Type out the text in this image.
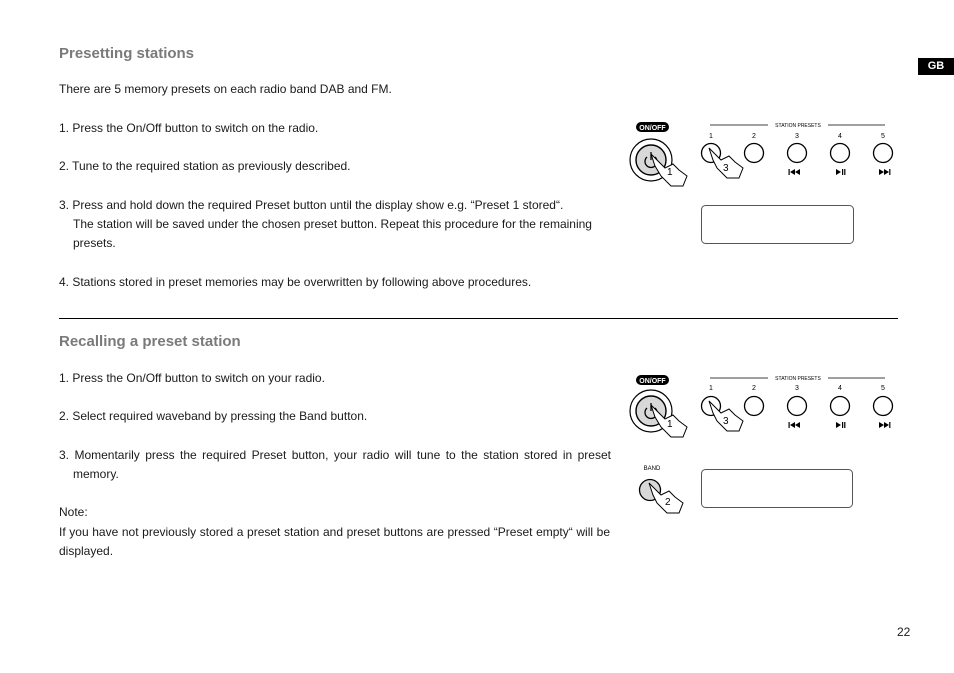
GB
Presetting stations
There are 5 memory presets on each radio band DAB and FM.
1. Press the On/Off button to switch on the radio.
2. Tune to the required station as previously described.
3. Press and hold down the required Preset button until the display show e.g. “Preset 1 stored“.
The station will be saved under the chosen preset button. Repeat this procedure for the remaining presets.
4. Stations stored in preset memories may be overwritten by following above procedures.
Recalling a preset station
1. Press the On/Off button to switch on your radio.
2. Select required waveband by pressing the Band button.
3. Momentarily press the required Preset button, your radio will tune to the station stored in preset memory.
Note:
If you have not previously stored a preset station and preset buttons are pressed “Preset empty“ will be displayed.
ON/OFF
1
STATION PRESETS
1	2	3	4	5
3
ON/OFF
1
STATION PRESETS
1	2	3	4	5
3
BAND
2
22
